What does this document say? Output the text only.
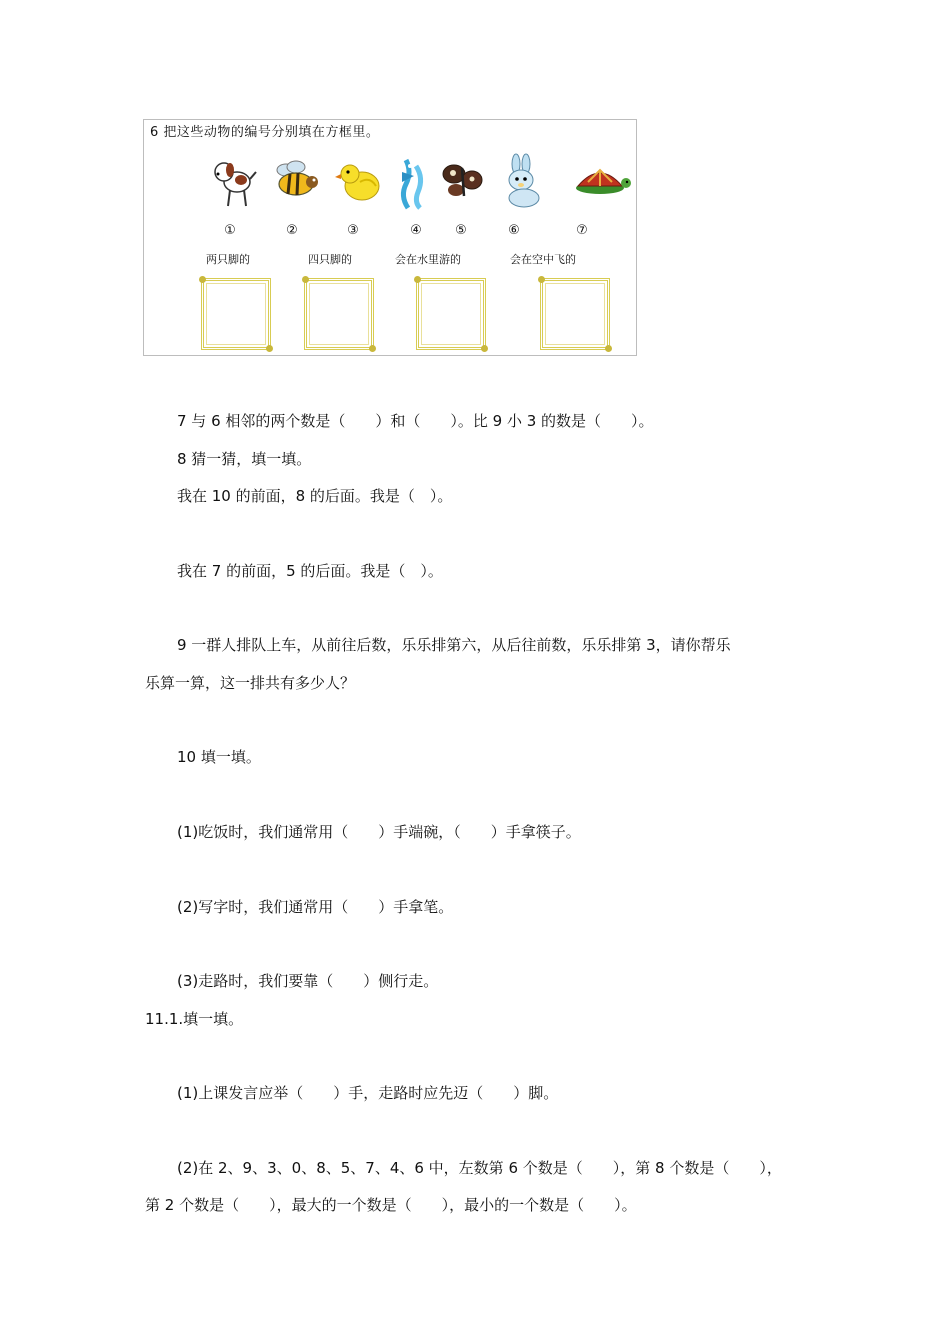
6 把这些动物的编号分别填在方框里。
①	②	③	④	⑤	⑥	⑦
两只脚的	四只脚的	会在水里游的	会在空中飞的
7 与 6 相邻的两个数是（　　）和（　　）。比 9 小 3 的数是（　　）。
8 猜一猜，填一填。
我在 10 的前面，8 的后面。我是（　）。
我在 7 的前面，5 的后面。我是（　）。
9 一群人排队上车，从前往后数，乐乐排第六，从后往前数，乐乐排第 3，请你帮乐
乐算一算，这一排共有多少人？
10 填一填。
(1)吃饭时，我们通常用（　　）手端碗，（　　）手拿筷子。
(2)写字时，我们通常用（　　）手拿笔。
(3)走路时，我们要靠（　　）侧行走。
11.1.填一填。
(1)上课发言应举（　　）手，走路时应先迈（　　）脚。
(2)在 2、9、3、0、8、5、7、4、6 中，左数第 6 个数是（　　），第 8 个数是（　　），
第 2 个数是（　　），最大的一个数是（　　），最小的一个数是（　　）。
